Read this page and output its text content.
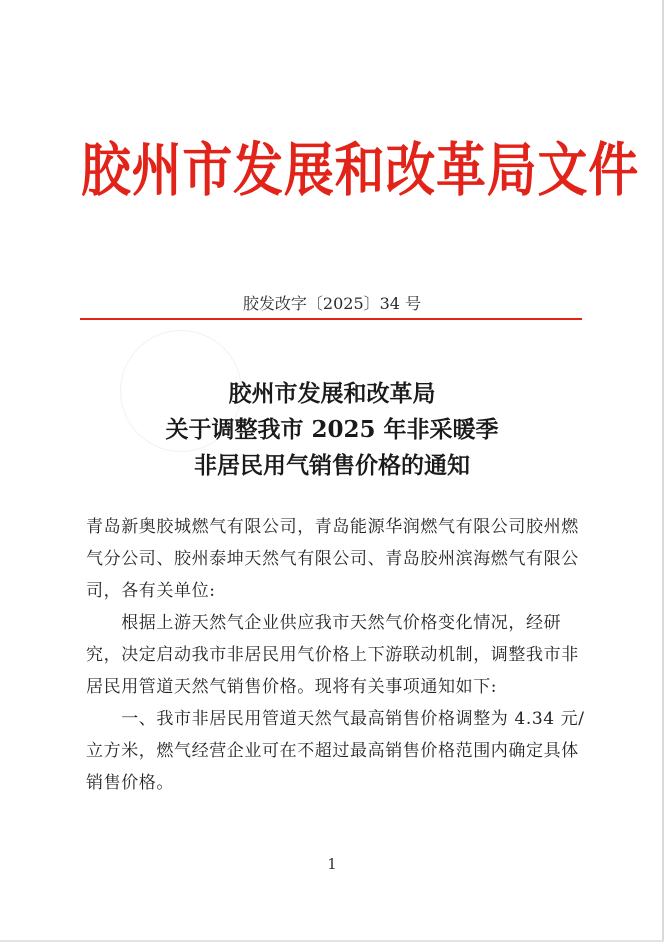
胶州市发展和改革局文件
胶发改字〔2025〕34 号
胶州市发展和改革局
关于调整我市 2025 年非采暖季
非居民用气销售价格的通知
青岛新奥胶城燃气有限公司，青岛能源华润燃气有限公司胶州燃
气分公司、胶州泰坤天然气有限公司、青岛胶州滨海燃气有限公
司，各有关单位:
　　根据上游天然气企业供应我市天然气价格变化情况，经研
究，决定启动我市非居民用气价格上下游联动机制，调整我市非
居民用管道天然气销售价格。现将有关事项通知如下:
　　一、我市非居民用管道天然气最高销售价格调整为 4.34 元/
立方米，燃气经营企业可在不超过最高销售价格范围内确定具体
销售价格。
1
